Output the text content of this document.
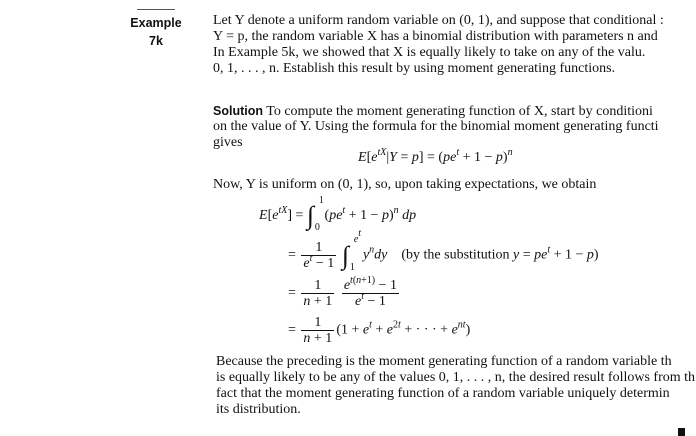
Example
7k
Let Y denote a uniform random variable on (0, 1), and suppose that conditional :
Y = p, the random variable X has a binomial distribution with parameters n and
In Example 5k, we showed that X is equally likely to take on any of the valu.
0, 1, . . . , n. Establish this result by using moment generating functions.
Solution To compute the moment generating function of X, start by conditioni
on the value of Y. Using the formula for the binomial moment generating functi
gives
$E[e^{tX}|Y = p] = (pe^t + 1 - p)^n$
Now, Y is uniform on (0, 1), so, upon taking expectations, we obtain
$E[e^{tX}]$ = ∫
1
0
$(pe^t + 1 - p)^n$ dp
= $\frac{1}{e^t - 1}$ ∫
$e^t$
1
$y^ndy$    (by the substitution $y = pe^t + 1 - p$)
= $\frac{1}{n + 1}$
$\frac{e^{t(n+1)} - 1}{e^t - 1}$
= $\frac{1}{n + 1} (1 + e^t + e^{2t}$ + · · · + $e^{nt}$)
Because the preceding is the moment generating function of a random variable th
is equally likely to be any of the values 0, 1, . . . , n, the desired result follows from th
fact that the moment generating function of a random variable uniquely determin
its distribution.
